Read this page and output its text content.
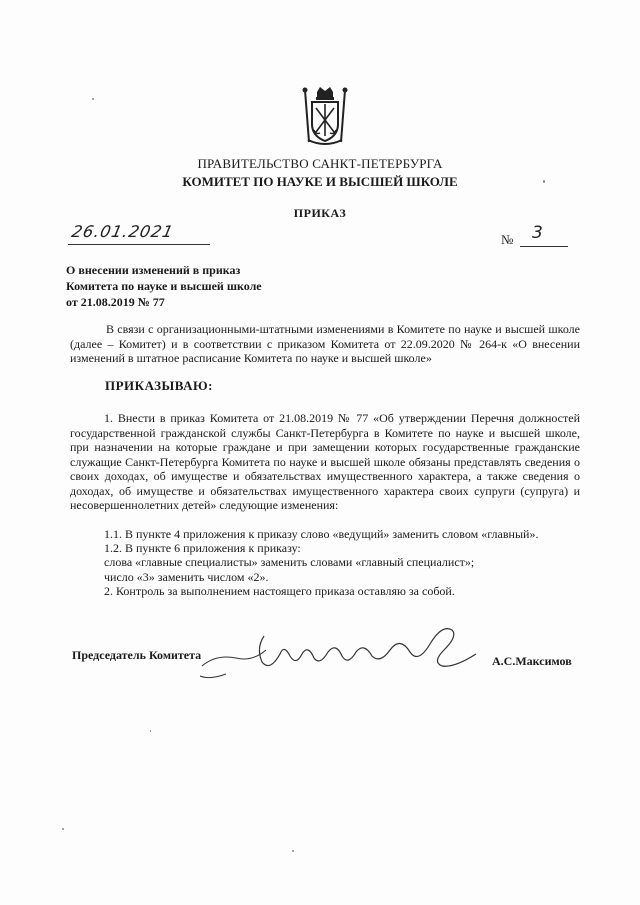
ПРАВИТЕЛЬСТВО САНКТ-ПЕТЕРБУРГА
КОМИТЕТ ПО НАУКЕ И ВЫСШЕЙ ШКОЛЕ
ПРИКАЗ
26.01.2021	№ 3
О внесении изменений в приказ
Комитета по науке и высшей школе
от 21.08.2019 № 77
В связи с организационными-штатными изменениями в Комитете по науке и высшей школе (далее – Комитет) и в соответствии с приказом Комитета от 22.09.2020 № 264-к «О внесении изменений в штатное расписание Комитета по науке и высшей школе»
ПРИКАЗЫВАЮ:
1. Внести в приказ Комитета от 21.08.2019 № 77 «Об утверждении Перечня должностей государственной гражданской службы Санкт-Петербурга в Комитете по науке и высшей школе, при назначении на которые граждане и при замещении которых государственные гражданские служащие Санкт-Петербурга Комитета по науке и высшей школе обязаны представлять сведения о своих доходах, об имуществе и обязательствах имущественного характера, а также сведения о доходах, об имуществе и обязательствах имущественного характера своих супруги (супруга) и несовершеннолетних детей» следующие изменения:
1.1. В пункте 4 приложения к приказу слово «ведущий» заменить словом «главный».
1.2. В пункте 6 приложения к приказу:
слова «главные специалисты» заменить словами «главный специалист»;
число «3» заменить числом «2».
2. Контроль за выполнением настоящего приказа оставляю за собой.
Председатель Комитета	А.С.Максимов
